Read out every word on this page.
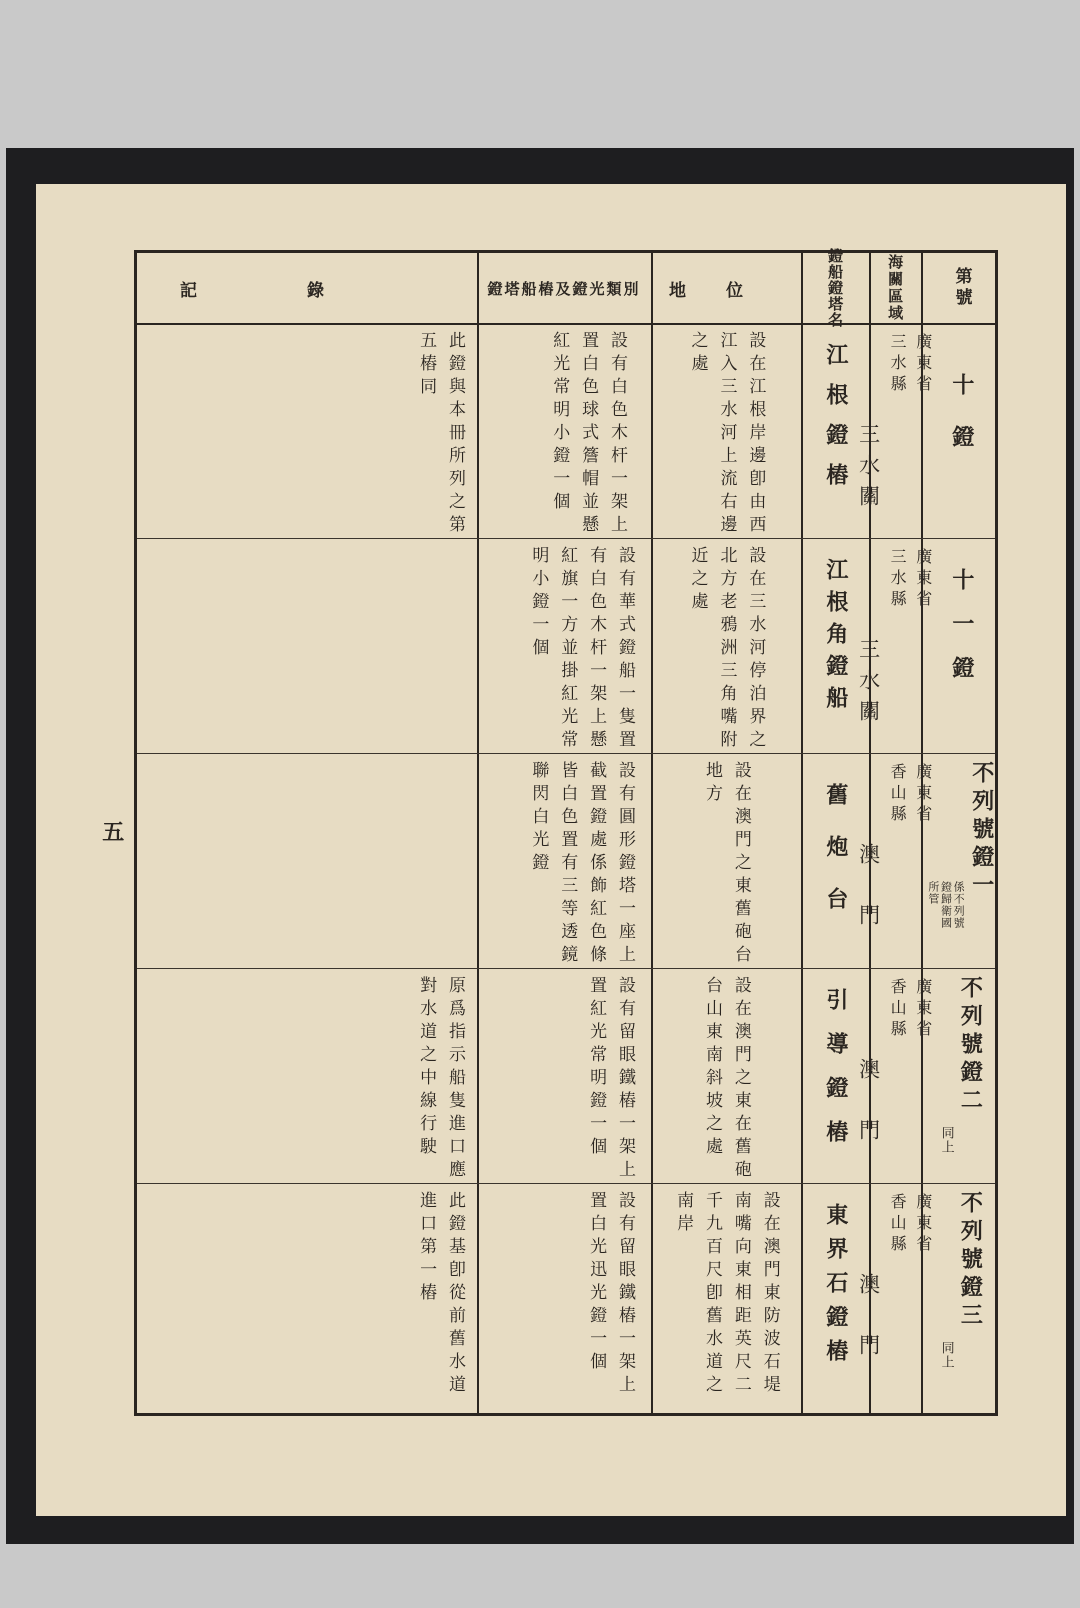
五
第號
海關區域
鐙船鐙塔名
地位
鐙塔船樁及鐙光類別
記錄
十鐙
三水關
廣東省
三水縣
江根鐙樁
設在江根岸邊卽由西
江入三水河上流右邊
之處
設有白色木杆一架上
置白色球式簷帽並懸
紅光常明小鐙一個
此鐙與本冊所列之第
五樁同
十一鐙
三水關
廣東省
三水縣
江根角鐙船
設在三水河停泊界之
北方老鴉洲三角嘴附
近之處
設有華式鐙船一隻置
有白色木杆一架上懸
紅旗一方並掛紅光常
明小鐙一個
係不列號
鐙歸衛國
所管	不列號鐙一
澳門
廣東省
香山縣
舊炮台
設在澳門之東舊砲台
地方
設有圓形鐙塔一座上
截置鐙處係飾紅色條
皆白色置有三等透鏡
聯閃白光鐙
同上
不列號鐙二
澳門
廣東省
香山縣
引導鐙樁
設在澳門之東在舊砲
台山東南斜坡之處
設有留眼鐵樁一架上
置紅光常明鐙一個
原爲指示船隻進口應
對水道之中線行駛
同上
不列號鐙三
澳門
廣東省
香山縣
東界石鐙樁
設在澳門東防波石堤
南嘴向東相距英尺二
千九百尺卽舊水道之
南岸
設有留眼鐵樁一架上
置白光迅光鐙一個
此鐙基卽從前舊水道
進口第一樁
